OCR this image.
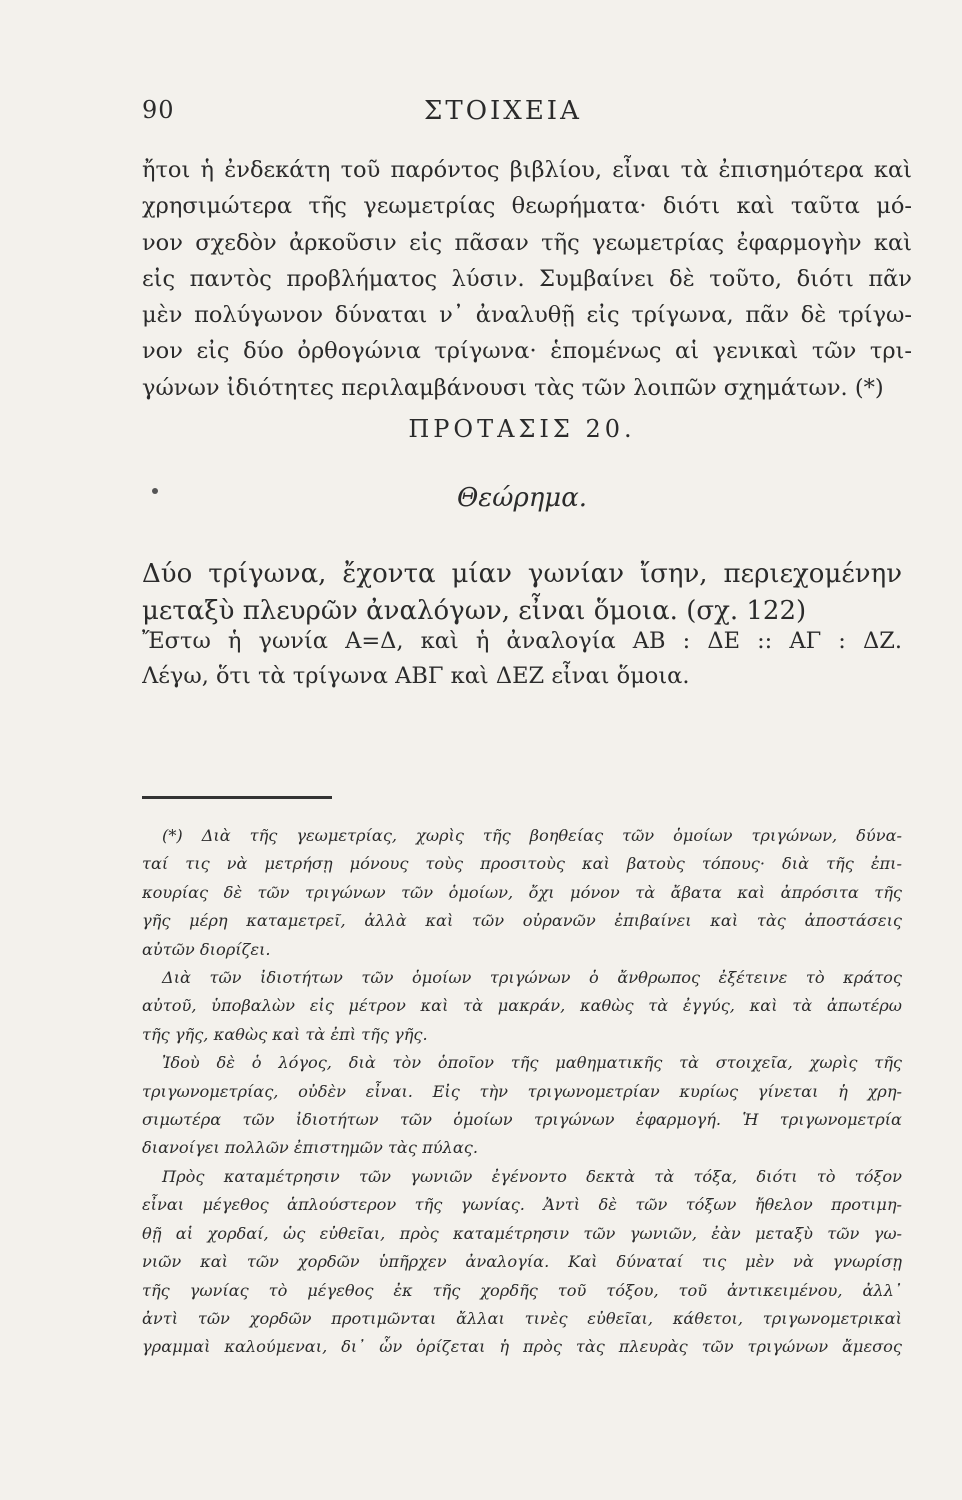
90	ΣΤΟΙΧΕΙΑ
ἤτοι ἡ ἐνδεκάτη τοῦ παρόντος βιβλίου, εἶναι τὰ ἐπισημότερα καὶ
χρησιμώτερα τῆς γεωμετρίας θεωρήματα· διότι καὶ ταῦτα μό-
νον σχεδὸν ἀρκοῦσιν εἰς πᾶσαν τῆς γεωμετρίας ἐφαρμογὴν καὶ
εἰς παντὸς προβλήματος λύσιν. Συμβαίνει δὲ τοῦτο, διότι πᾶν
μὲν πολύγωνον δύναται ν᾽ ἀναλυθῇ εἰς τρίγωνα, πᾶν δὲ τρίγω-
νον εἰς δύο ὀρθογώνια τρίγωνα· ἑπομένως αἱ γενικαὶ τῶν τρι-
γώνων ἰδιότητες περιλαμβάνουσι τὰς τῶν λοιπῶν σχημάτων. (*)
ΠΡΟΤΑΣΙΣ 20.
Θεώρημα.
Δύο τρίγωνα, ἔχοντα μίαν γωνίαν ἴσην, περιεχομένην
μεταξὺ πλευρῶν ἀναλόγων, εἶναι ὅμοια. (σχ. 122)
Ἔστω ἡ γωνία Α=Δ, καὶ ἡ ἀναλογία ΑΒ : ΔΕ :: ΑΓ : ΔΖ.
Λέγω, ὅτι τὰ τρίγωνα ΑΒΓ καὶ ΔΕΖ εἶναι ὅμοια.
(*) Διὰ τῆς γεωμετρίας, χωρὶς τῆς βοηθείας τῶν ὁμοίων τριγώνων, δύνα-
ταί τις νὰ μετρήσῃ μόνους τοὺς προσιτοὺς καὶ βατοὺς τόπους· διὰ τῆς ἐπι-
κουρίας δὲ τῶν τριγώνων τῶν ὁμοίων, ὄχι μόνον τὰ ἄβατα καὶ ἀπρόσιτα τῆς
γῆς μέρη καταμετρεῖ, ἀλλὰ καὶ τῶν οὐρανῶν ἐπιβαίνει καὶ τὰς ἀποστάσεις
αὐτῶν διορίζει.
Διὰ τῶν ἰδιοτήτων τῶν ὁμοίων τριγώνων ὁ ἄνθρωπος ἐξέτεινε τὸ κράτος
αὐτοῦ, ὑποβαλὼν εἰς μέτρον καὶ τὰ μακράν, καθὼς τὰ ἐγγύς, καὶ τὰ ἀπωτέρω
τῆς γῆς, καθὼς καὶ τὰ ἐπὶ τῆς γῆς.
Ἰδοὺ δὲ ὁ λόγος, διὰ τὸν ὁποῖον τῆς μαθηματικῆς τὰ στοιχεῖα, χωρὶς τῆς
τριγωνομετρίας, οὐδὲν εἶναι. Εἰς τὴν τριγωνομετρίαν κυρίως γίνεται ἡ χρη-
σιμωτέρα τῶν ἰδιοτήτων τῶν ὁμοίων τριγώνων ἐφαρμογή. Ἡ τριγωνομετρία
διανοίγει πολλῶν ἐπιστημῶν τὰς πύλας.
Πρὸς καταμέτρησιν τῶν γωνιῶν ἐγένοντο δεκτὰ τὰ τόξα, διότι τὸ τόξον
εἶναι μέγεθος ἁπλούστερον τῆς γωνίας. Ἀντὶ δὲ τῶν τόξων ἤθελον προτιμη-
θῇ αἱ χορδαί, ὡς εὐθεῖαι, πρὸς καταμέτρησιν τῶν γωνιῶν, ἐὰν μεταξὺ τῶν γω-
νιῶν καὶ τῶν χορδῶν ὑπῆρχεν ἀναλογία. Καὶ δύναταί τις μὲν νὰ γνωρίσῃ
τῆς γωνίας τὸ μέγεθος ἐκ τῆς χορδῆς τοῦ τόξου, τοῦ ἀντικειμένου, ἀλλ᾽
ἀντὶ τῶν χορδῶν προτιμῶνται ἄλλαι τινὲς εὐθεῖαι, κάθετοι, τριγωνομετρικαὶ
γραμμαὶ καλούμεναι, δι᾽ ὧν ὁρίζεται ἡ πρὸς τὰς πλευρὰς τῶν τριγώνων ἄμεσος
